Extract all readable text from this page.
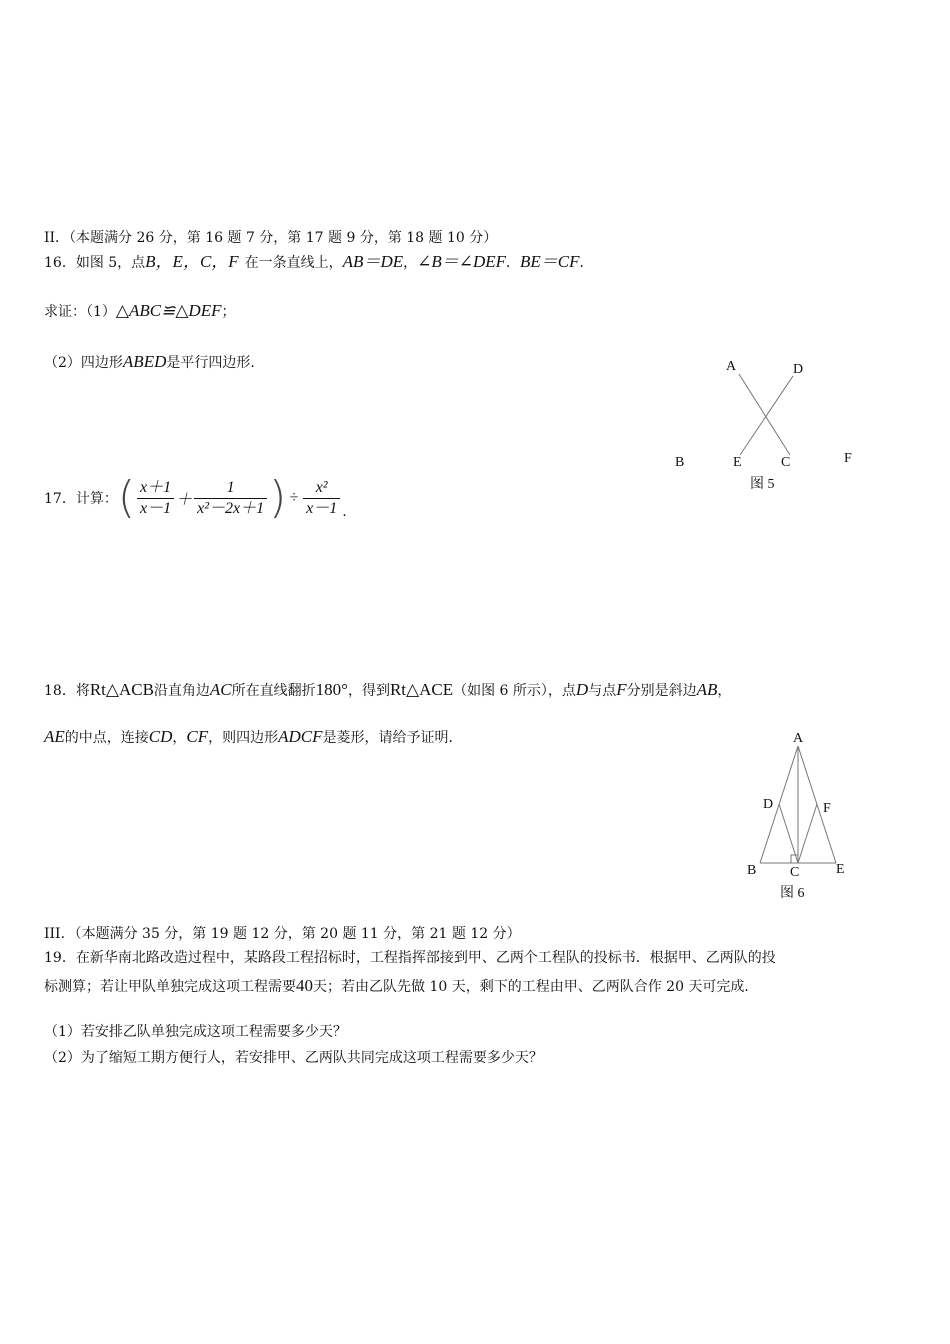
II．（本题满分 26 分，第 16 题 7 分，第 17 题 9 分，第 18 题 10 分）
16．如图 5，点B，E，C，F 在一条直线上，AB＝DE，∠B＝∠DEF．BE＝CF．
求证：（1）△ABC≌△DEF；
（2）四边形ABED是平行四边形．	A	D
B	E	C	F
图 5
17．计算：( $\frac{x+1}{x-1} + \frac{1}{\text{x²－2x＋1}}$ ) ÷ $\frac{\text{x²}}{x-1}$ .
18．将Rt△ACB沿直角边AC所在直线翻折180°，得到Rt△ACE（如图 6 所示），点D与点F分别是斜边AB，
AE的中点，连接CD，CF，则四边形ADCF是菱形，请给予证明．	A
D	F
B C	E
图 6
III．（本题满分 35 分，第 19 题 12 分，第 20 题 11 分，第 21 题 12 分）
19．在新华南北路改造过程中，某路段工程招标时，工程指挥部接到甲、乙两个工程队的投标书．根据甲、乙两队的投
标测算；若让甲队单独完成这项工程需要40天；若由乙队先做 10 天，剩下的工程由甲、乙两队合作 20 天可完成．
（1）若安排乙队单独完成这项工程需要多少天？
（2）为了缩短工期方便行人，若安排甲、乙两队共同完成这项工程需要多少天？
